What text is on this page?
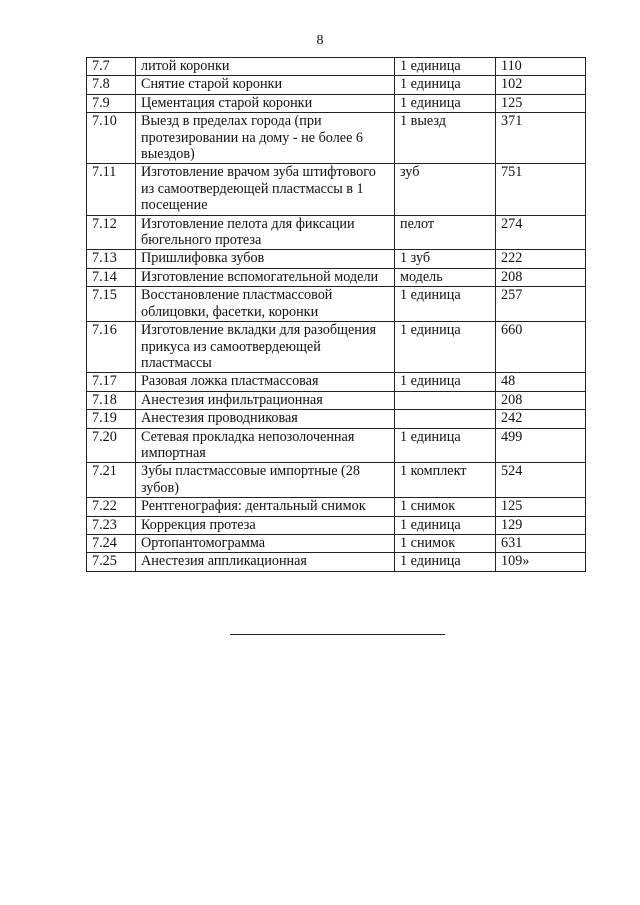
8
7.7	литой коронки	1 единица	110
7.8	Снятие старой коронки	1 единица	102
7.9	Цементация старой коронки	1 единица	125
7.10	Выезд в пределах города (при протезировании на дому - не более 6 выездов)	1 выезд	371
7.11	Изготовление врачом зуба штифтового из самоотвердеющей пластмассы в 1 посещение	зуб	751
7.12	Изготовление пелота для фиксации бюгельного протеза	пелот	274
7.13	Пришлифовка зубов	1 зуб	222
7.14	Изготовление вспомогательной модели	модель	208
7.15	Восстановление пластмассовой облицовки, фасетки, коронки	1 единица	257
7.16	Изготовление вкладки для разобщения прикуса из самоотвердеющей пластмассы	1 единица	660
7.17	Разовая ложка пластмассовая	1 единица	48
7.18	Анестезия инфильтрационная		208
7.19	Анестезия проводниковая		242
7.20	Сетевая прокладка непозолоченная импортная	1 единица	499
7.21	Зубы пластмассовые импортные (28 зубов)	1 комплект	524
7.22	Рентгенография: дентальный снимок	1 снимок	125
7.23	Коррекция протеза	1 единица	129
7.24	Ортопантомограмма	1 снимок	631
7.25	Анестезия аппликационная	1 единица	109»
